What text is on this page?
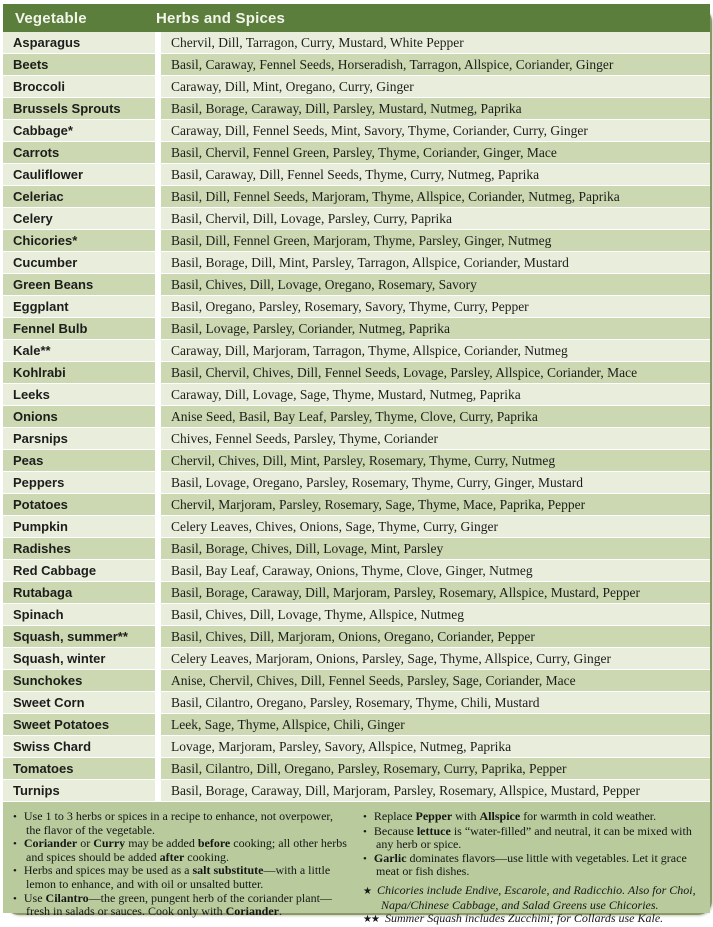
Vegetable	Herbs and Spices
Asparagus	Chervil, Dill, Tarragon, Curry, Mustard, White Pepper
Beets	Basil, Caraway, Fennel Seeds, Horseradish, Tarragon, Allspice, Coriander, Ginger
Broccoli	Caraway, Dill, Mint, Oregano, Curry, Ginger
Brussels Sprouts	Basil, Borage, Caraway, Dill, Parsley, Mustard, Nutmeg, Paprika
Cabbage*	Caraway, Dill, Fennel Seeds, Mint, Savory, Thyme, Coriander, Curry, Ginger
Carrots	Basil, Chervil, Fennel Green, Parsley, Thyme, Coriander, Ginger, Mace
Cauliflower	Basil, Caraway, Dill, Fennel Seeds, Thyme, Curry, Nutmeg, Paprika
Celeriac	Basil, Dill, Fennel Seeds, Marjoram, Thyme, Allspice, Coriander, Nutmeg, Paprika
Celery	Basil, Chervil, Dill, Lovage, Parsley, Curry, Paprika
Chicories*	Basil, Dill, Fennel Green, Marjoram, Thyme, Parsley, Ginger, Nutmeg
Cucumber	Basil, Borage, Dill, Mint, Parsley, Tarragon, Allspice, Coriander, Mustard
Green Beans	Basil, Chives, Dill, Lovage, Oregano, Rosemary, Savory
Eggplant	Basil, Oregano, Parsley, Rosemary, Savory, Thyme, Curry, Pepper
Fennel Bulb	Basil, Lovage, Parsley, Coriander, Nutmeg, Paprika
Kale**	Caraway, Dill, Marjoram, Tarragon, Thyme, Allspice, Coriander, Nutmeg
Kohlrabi	Basil, Chervil, Chives, Dill, Fennel Seeds, Lovage, Parsley, Allspice, Coriander, Mace
Leeks	Caraway, Dill, Lovage, Sage, Thyme, Mustard, Nutmeg, Paprika
Onions	Anise Seed, Basil, Bay Leaf, Parsley, Thyme, Clove, Curry, Paprika
Parsnips	Chives, Fennel Seeds, Parsley, Thyme, Coriander
Peas	Chervil, Chives, Dill, Mint, Parsley, Rosemary, Thyme, Curry, Nutmeg
Peppers	Basil, Lovage, Oregano, Parsley, Rosemary, Thyme, Curry, Ginger, Mustard
Potatoes	Chervil, Marjoram, Parsley, Rosemary, Sage, Thyme, Mace, Paprika, Pepper
Pumpkin	Celery Leaves, Chives, Onions, Sage, Thyme, Curry, Ginger
Radishes	Basil, Borage, Chives, Dill, Lovage, Mint, Parsley
Red Cabbage	Basil, Bay Leaf, Caraway, Onions, Thyme, Clove, Ginger, Nutmeg
Rutabaga	Basil, Borage, Caraway, Dill, Marjoram, Parsley, Rosemary, Allspice, Mustard, Pepper
Spinach	Basil, Chives, Dill, Lovage, Thyme, Allspice, Nutmeg
Squash, summer**	Basil, Chives, Dill, Marjoram, Onions, Oregano, Coriander, Pepper
Squash, winter	Celery Leaves, Marjoram, Onions, Parsley, Sage, Thyme, Allspice, Curry, Ginger
Sunchokes	Anise, Chervil, Chives, Dill, Fennel Seeds, Parsley, Sage, Coriander, Mace
Sweet Corn	Basil, Cilantro, Oregano, Parsley, Rosemary, Thyme, Chili, Mustard
Sweet Potatoes	Leek, Sage, Thyme, Allspice, Chili, Ginger
Swiss Chard	Lovage, Marjoram, Parsley, Savory, Allspice, Nutmeg, Paprika
Tomatoes	Basil, Cilantro, Dill, Oregano, Parsley, Rosemary, Curry, Paprika, Pepper
Turnips	Basil, Borage, Caraway, Dill, Marjoram, Parsley, Rosemary, Allspice, Mustard, Pepper
• Use 1 to 3 herbs or spices in a recipe to enhance, not overpower, the flavor of the vegetable.
• Coriander or Curry may be added before cooking; all other herbs and spices should be added after cooking.
• Herbs and spices may be used as a salt substitute—with a little lemon to enhance, and with oil or unsalted butter.
• Use Cilantro—the green, pungent herb of the coriander plant—fresh in salads or sauces. Cook only with Coriander.
• Replace Pepper with Allspice for warmth in cold weather.
• Because lettuce is “water-filled” and neutral, it can be mixed with any herb or spice.
• Garlic dominates flavors—use little with vegetables. Let it grace meat or fish dishes.
★ Chicories include Endive, Escarole, and Radicchio. Also for Choi, Napa/Chinese Cabbage, and Salad Greens use Chicories.
★★ Summer Squash includes Zucchini; for Collards use Kale.
